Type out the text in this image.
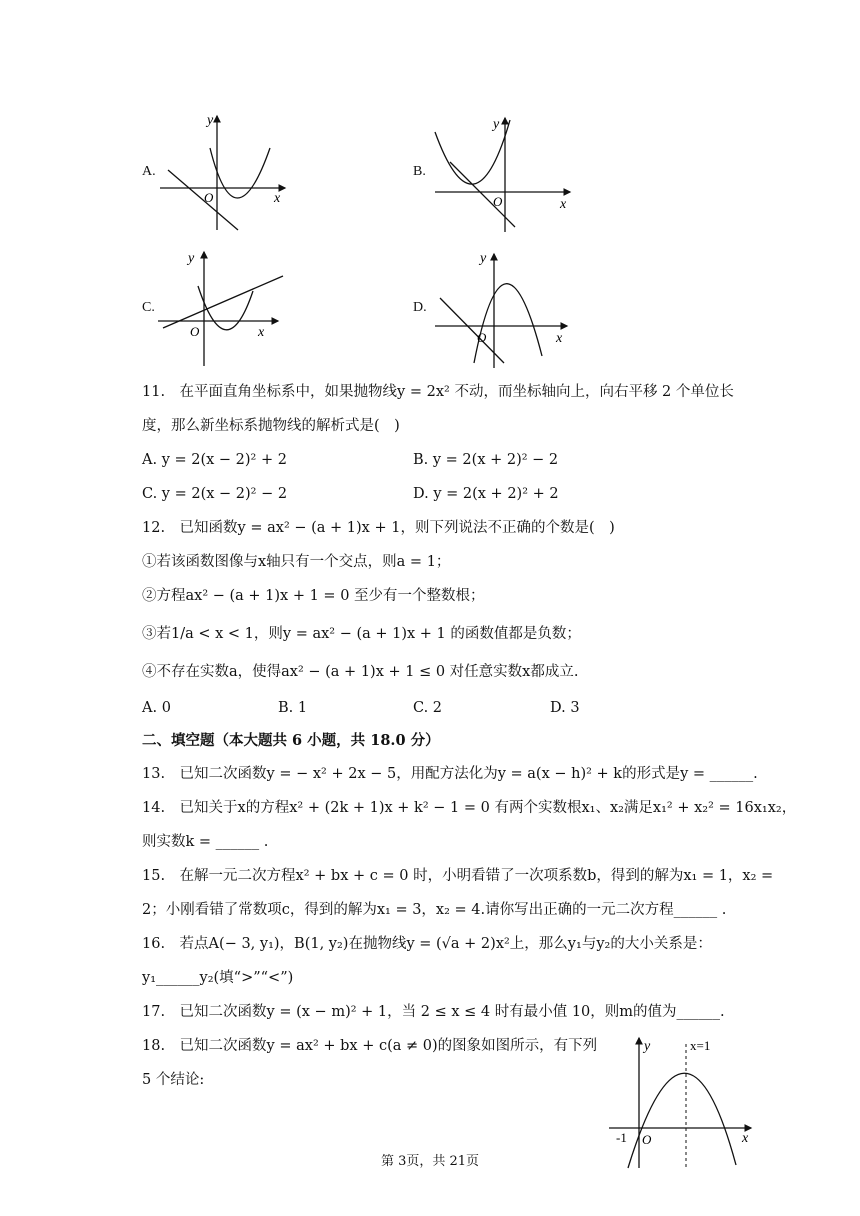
A.
y
x
O
B.
y
x
O
C.
y
x
O
D.
y
x
O
11.　在平面直角坐标系中，如果抛物线y = 2x² 不动，而坐标轴向上，向右平移 2 个单位长
度，那么新坐标系抛物线的解析式是(　)
A. y = 2(x − 2)² + 2	B. y = 2(x + 2)² − 2
C. y = 2(x − 2)² − 2	D. y = 2(x + 2)² + 2
12.　已知函数y = ax² − (a + 1)x + 1，则下列说法不正确的个数是(　)
①若该函数图像与x轴只有一个交点，则a = 1；
②方程ax² − (a + 1)x + 1 = 0 至少有一个整数根；
③若1/a < x < 1，则y = ax² − (a + 1)x + 1 的函数值都是负数；
④不存在实数a，使得ax² − (a + 1)x + 1 ≤ 0 对任意实数x都成立.
A. 0	B. 1	C. 2	D. 3
二、填空题（本大题共 6 小题，共 18.0 分）
13.　已知二次函数y = − x² + 2x − 5，用配方法化为y = a(x − h)² + k的形式是y = ______.
14.　已知关于x的方程x² + (2k + 1)x + k² − 1 = 0 有两个实数根x₁、x₂满足x₁² + x₂² = 16x₁x₂，
则实数k = ______ .
15.　在解一元二次方程x² + bx + c = 0 时，小明看错了一次项系数b，得到的解为x₁ = 1，x₂ =
2；小刚看错了常数项c，得到的解为x₁ = 3，x₂ = 4.请你写出正确的一元二次方程______ .
16.　若点A(− 3, y₁)，B(1, y₂)在抛物线y = (√a + 2)x²上，那么y₁与y₂的大小关系是：
y₁______y₂(填“>”“<”)
17.　已知二次函数y = (x − m)² + 1，当 2 ≤ x ≤ 4 时有最小值 10，则m的值为______.
18.　已知二次函数y = ax² + bx + c(a ≠ 0)的图象如图所示，有下列
5 个结论:
y	x=1
x
-1 O
第 3页，共 21页
